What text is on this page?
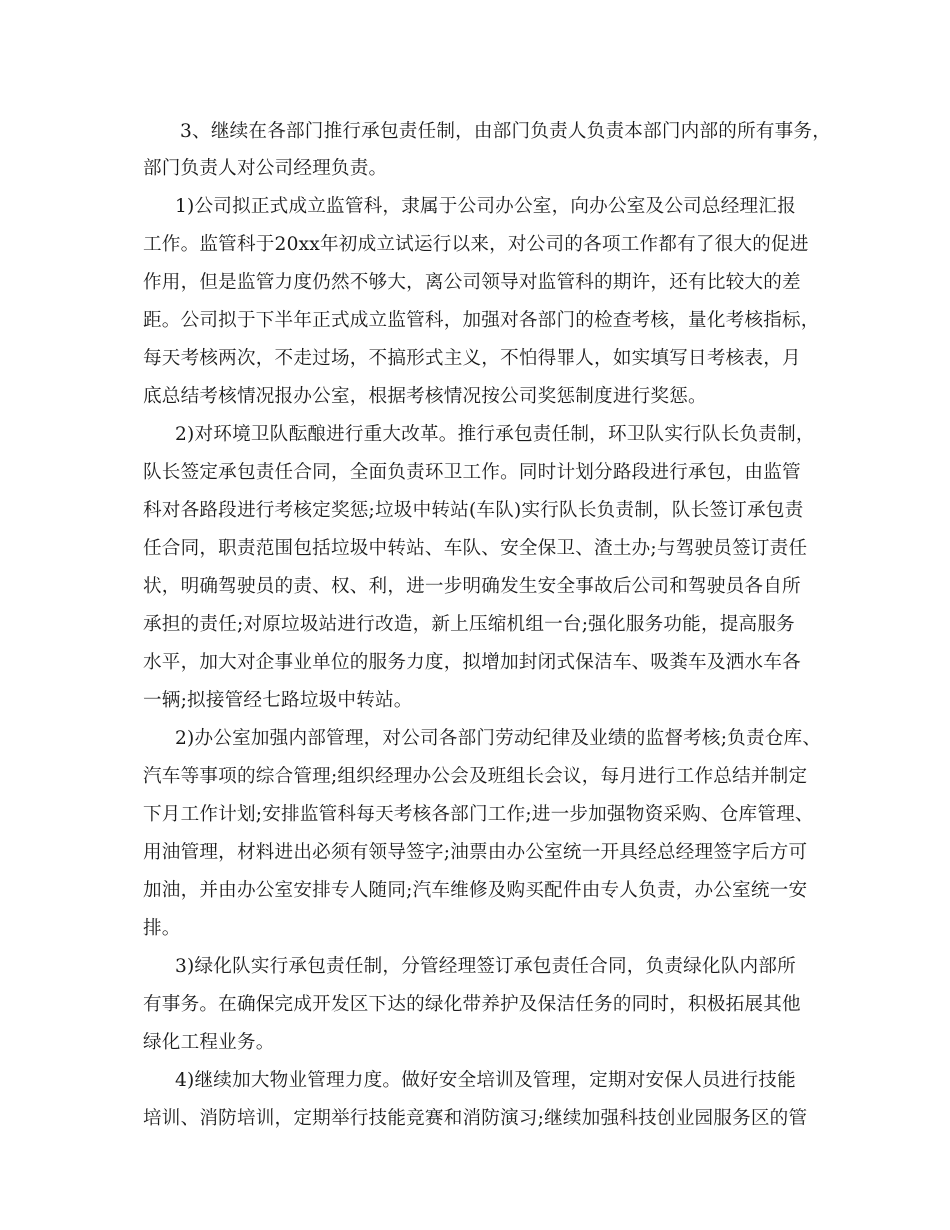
3、继续在各部门推行承包责任制，由部门负责人负责本部门内部的所有事务，
部门负责人对公司经理负责。
1)公司拟正式成立监管科，隶属于公司办公室，向办公室及公司总经理汇报
工作。监管科于20xx年初成立试运行以来，对公司的各项工作都有了很大的促进
作用，但是监管力度仍然不够大，离公司领导对监管科的期许，还有比较大的差
距。公司拟于下半年正式成立监管科，加强对各部门的检查考核，量化考核指标，
每天考核两次，不走过场，不搞形式主义，不怕得罪人，如实填写日考核表，月
底总结考核情况报办公室，根据考核情况按公司奖惩制度进行奖惩。
2)对环境卫队酝酿进行重大改革。推行承包责任制，环卫队实行队长负责制，
队长签定承包责任合同，全面负责环卫工作。同时计划分路段进行承包，由监管
科对各路段进行考核定奖惩;垃圾中转站(车队)实行队长负责制，队长签订承包责
任合同，职责范围包括垃圾中转站、车队、安全保卫、渣土办;与驾驶员签订责任
状，明确驾驶员的责、权、利，进一步明确发生安全事故后公司和驾驶员各自所
承担的责任;对原垃圾站进行改造，新上压缩机组一台;强化服务功能，提高服务
水平，加大对企事业单位的服务力度，拟增加封闭式保洁车、吸粪车及洒水车各
一辆;拟接管经七路垃圾中转站。
2)办公室加强内部管理，对公司各部门劳动纪律及业绩的监督考核;负责仓库、
汽车等事项的综合管理;组织经理办公会及班组长会议，每月进行工作总结并制定
下月工作计划;安排监管科每天考核各部门工作;进一步加强物资采购、仓库管理、
用油管理，材料进出必须有领导签字;油票由办公室统一开具经总经理签字后方可
加油，并由办公室安排专人随同;汽车维修及购买配件由专人负责，办公室统一安
排。
3)绿化队实行承包责任制，分管经理签订承包责任合同，负责绿化队内部所
有事务。在确保完成开发区下达的绿化带养护及保洁任务的同时，积极拓展其他
绿化工程业务。
4)继续加大物业管理力度。做好安全培训及管理，定期对安保人员进行技能
培训、消防培训，定期举行技能竞赛和消防演习;继续加强科技创业园服务区的管
